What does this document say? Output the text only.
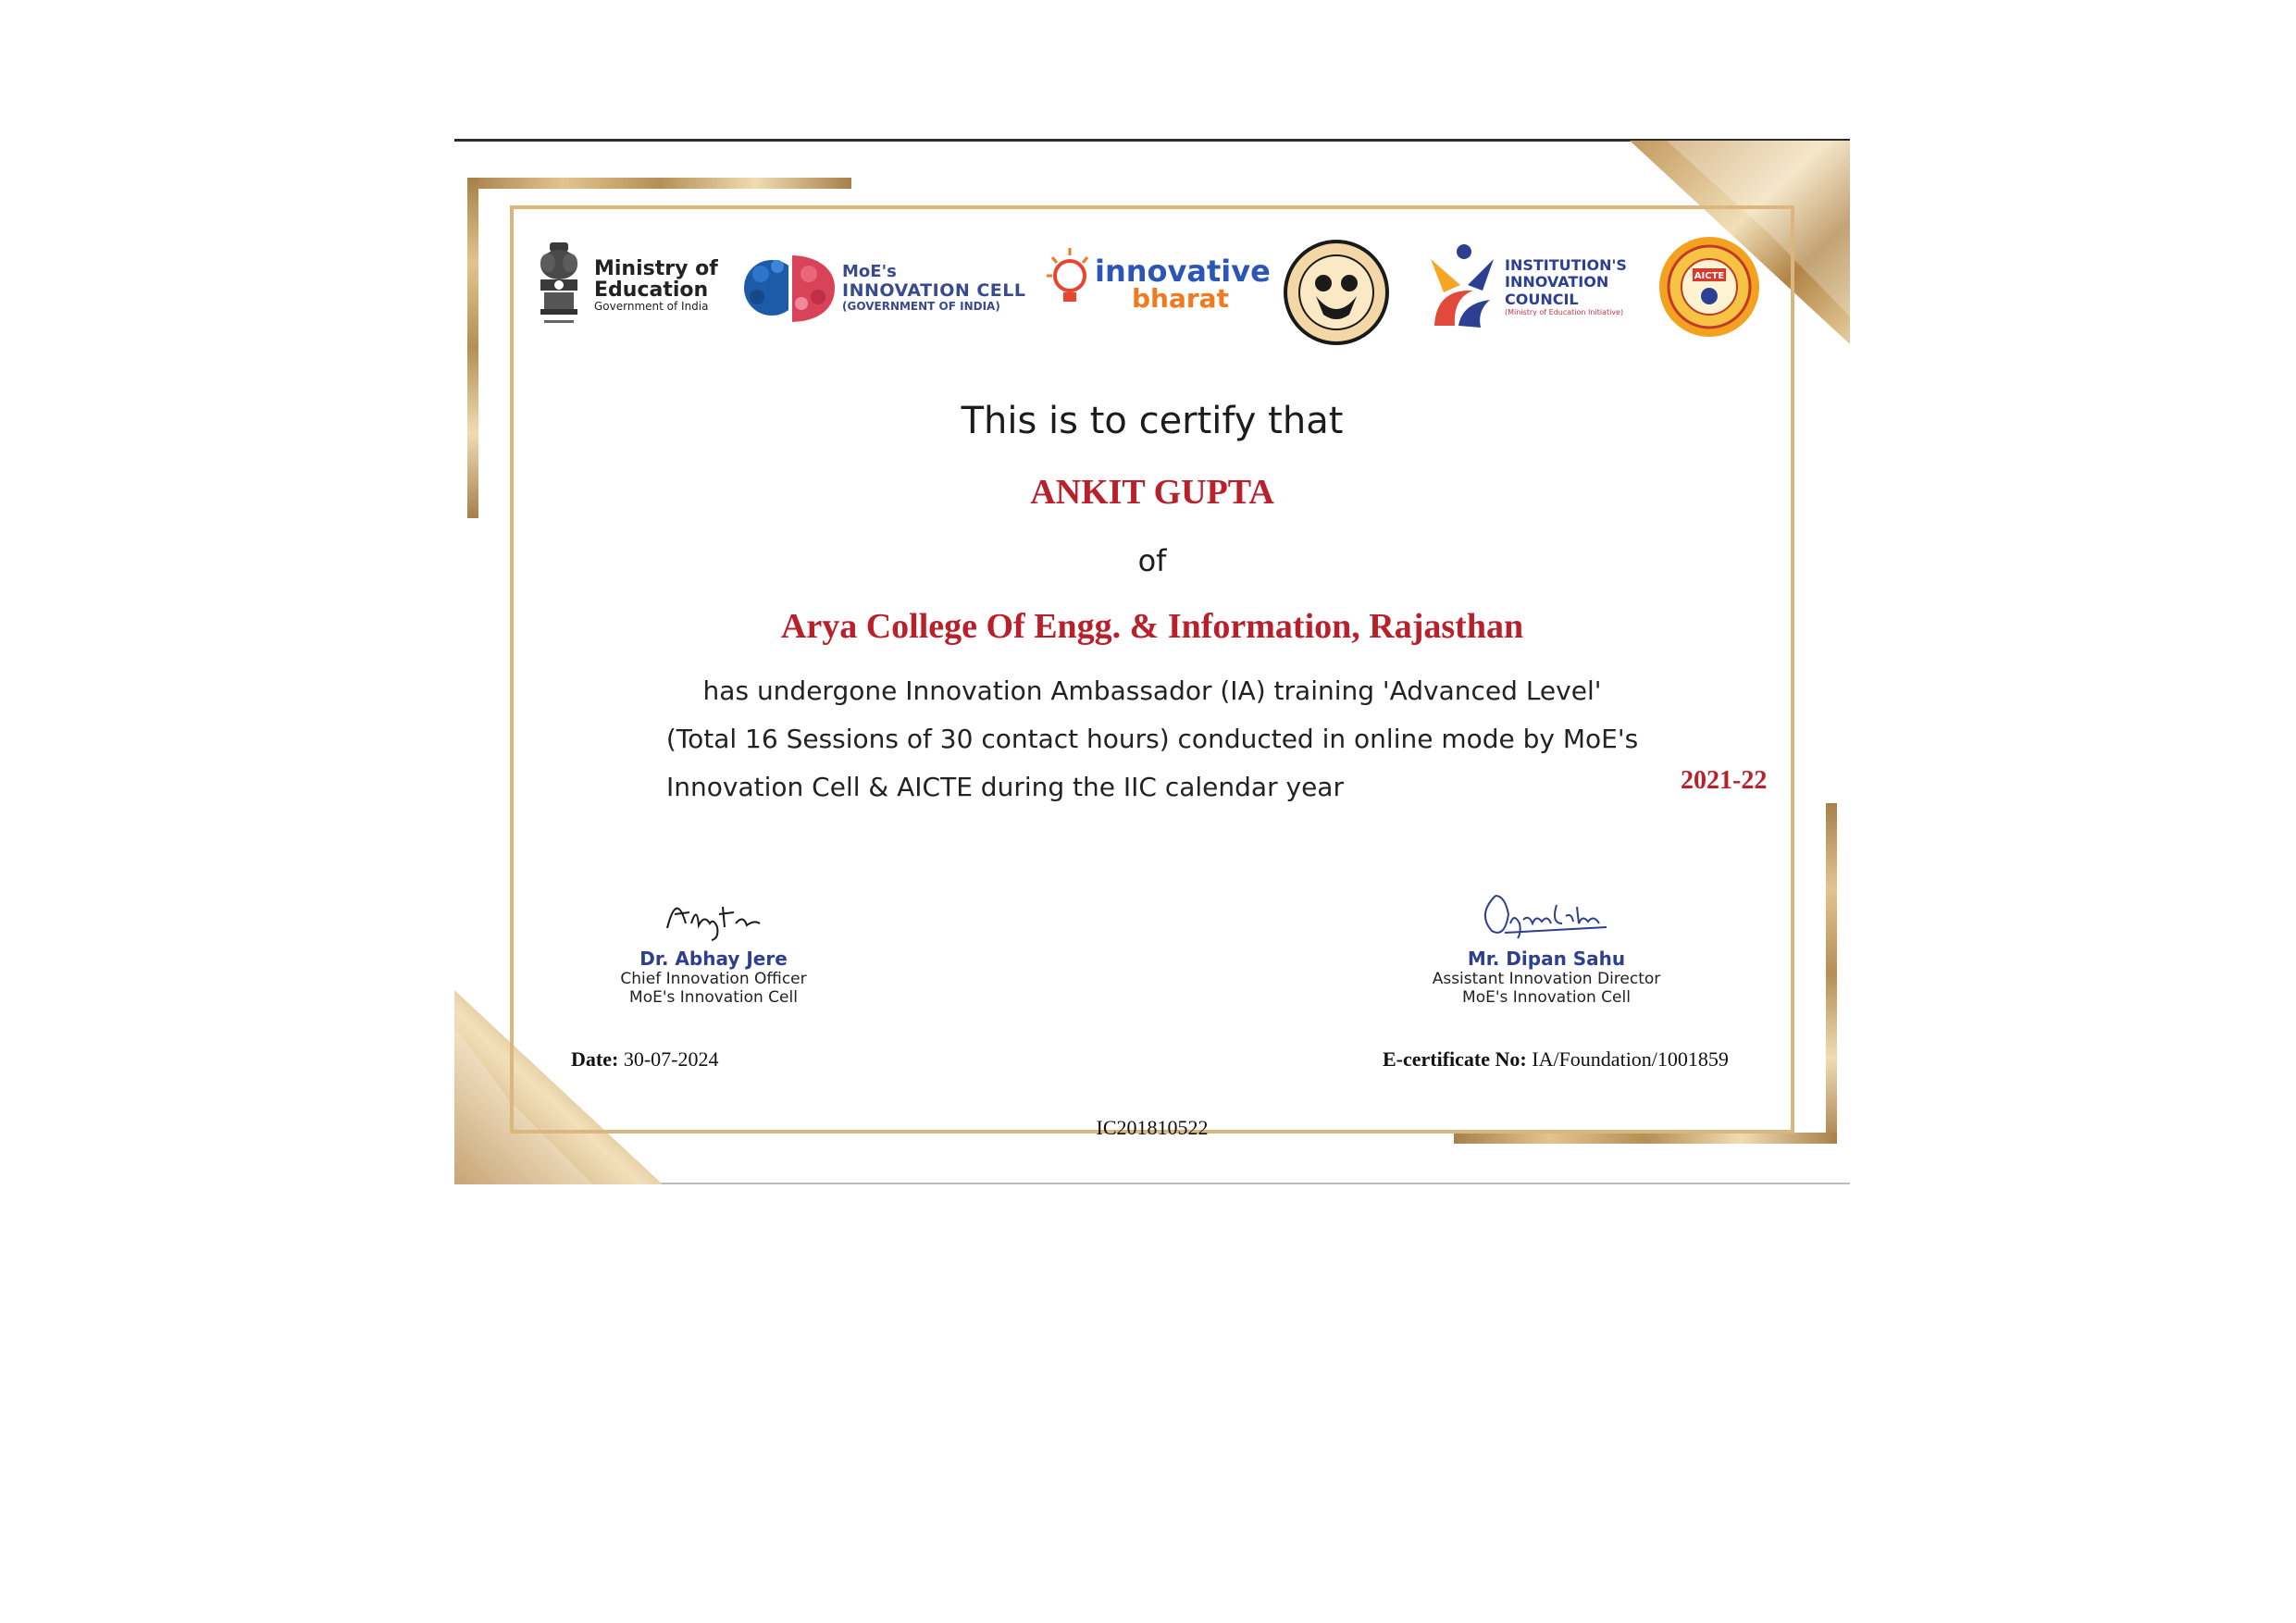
Ministry of
Education
Government of India
MoE's
INNOVATION CELL
(GOVERNMENT OF INDIA)
innovative
bharat
INSTITUTION'S
INNOVATION
COUNCIL
(Ministry of Education Initiative)
AICTE
This is to certify that
ANKIT GUPTA
of
Arya College Of Engg. & Information, Rajasthan
has undergone Innovation Ambassador (IA) training 'Advanced Level'
(Total 16 Sessions of 30 contact hours) conducted in online mode by MoE's
Innovation Cell & AICTE during the IIC calendar year	2021-22
Dr. Abhay Jere
Chief Innovation Officer
MoE's Innovation Cell
Mr. Dipan Sahu
Assistant Innovation Director
MoE's Innovation Cell
Date: 30-07-2024	E-certificate No: IA/Foundation/1001859
IC201810522
